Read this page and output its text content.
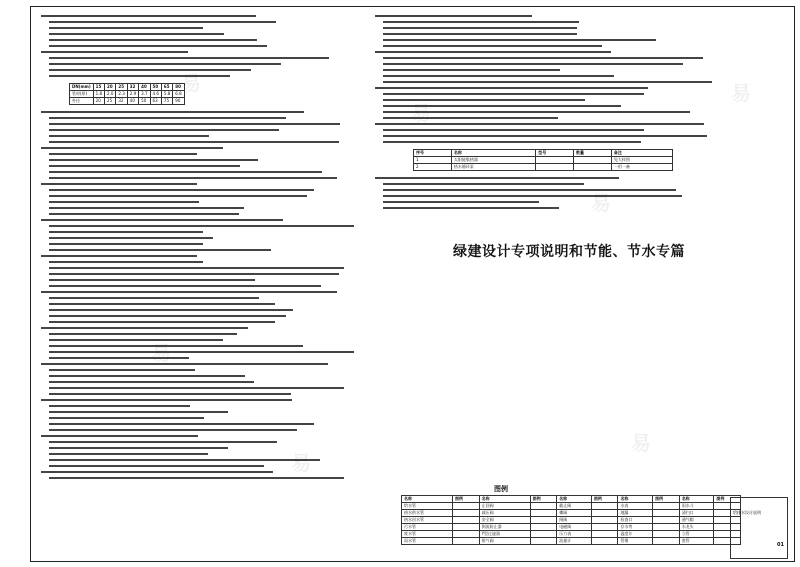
DN(mm)	15	20	25	32	40	50	65	80
管材(厚)	1.8	2.0	2.3	2.9	3.7	4.6	5.8	6.8
外径	20	25	32	40	50	63	75	90
序号	名称	型号	数量	备注
1	太阳能集热器			见大样图
2	热水循环泵			一用一备
绿建设计专项说明和节能、节水专篇
图例
名称	图例	名称	图例	名称	图例	名称	图例	名称	图例
给水管		止回阀		截止阀		水表		雨水斗	
热水供水管		减压阀		蝶阀		地漏		清扫口	
热水回水管		安全阀		闸阀		检查口		通气帽	
污水管		倒流防止器		电磁阀		存水弯		水龙头	
废水管		Y型过滤器		压力表		温度计		立管	
雨水管		排气阀		流量计		管堵		套管	
给排水设计说明
01
易
易
易
易
易
易
易
